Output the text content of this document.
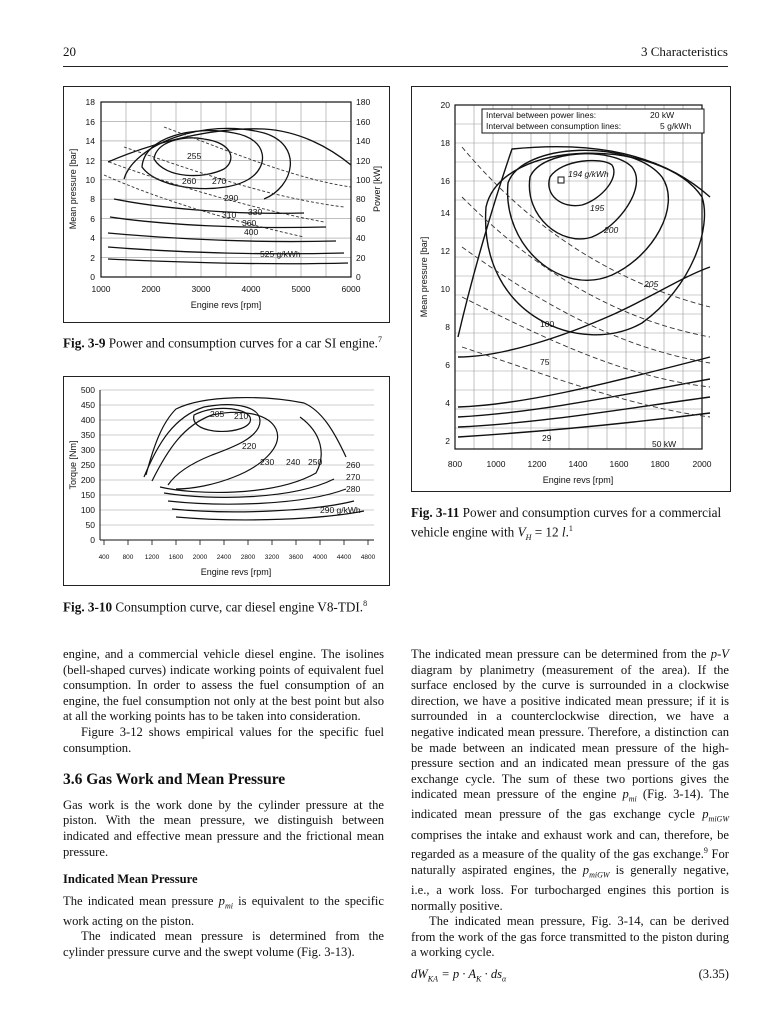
20	3 Characteristics
0
2
4
6
8
10
12
14
16
18
0
20
40
60
80
100
120
140
160
180
1000	2000	3000	4000	5000	6000
Engine revs [rpm]
Mean pressure [bar]	Power [kW]
255
260 270
290
310 330
360
400
525 g/kWh
Fig. 3-9 Power and consumption curves for a car SI engine.$^7$
0
50
100
150
200
250
300
350
400
450
500
400 800 1200 1600 2000 2400 2800 3200 3600 4000 4400 4800
Engine revs [rpm]
Torque [Nm]
205 210
220
230 240 250	260
270
280
290 g/kWh
Fig. 3-10 Consumption curve, car diesel engine V8-TDI.$^8$
Interval between power lines:	20 kW
Interval between consumption lines:	5 g/kWh
2
4
6
8
10
12
14
16
18
20
800	1000	1200	1400	1600	1800	2000
Engine revs [rpm]
Mean pressure [bar]
194 g/kWh
195
200
205
100
75
29
50 kW
Fig. 3-11 Power and consumption curves for a commercial vehicle engine with $V_H = 12$ l.$^1$

engine, and a commercial vehicle diesel engine. The isolines (bell-shaped curves) indicate working points of equivalent fuel consumption. In order to assess the fuel consumption of an engine, the fuel consumption not only at the best point but also at all the working points has to be taken into consideration.

Figure 3-12 shows empirical values for the specific fuel consumption.

3.6 Gas Work and Mean Pressure

Gas work is the work done by the cylinder pressure at the piston. With the mean pressure, we distinguish between indicated and effective mean pressure and the frictional mean pressure.

Indicated Mean Pressure

The indicated mean pressure $p_{mi}$ is equivalent to the specific work acting on the piston.

The indicated mean pressure is determined from the cylinder pressure curve and the swept volume (Fig. 3-13).

The indicated mean pressure can be determined from the p-V diagram by planimetry (measurement of the area). If the surface enclosed by the curve is surrounded in a clockwise direction, we have a positive indicated mean pressure; if it is surrounded in a counterclockwise direction, we have a negative indicated mean pressure. Therefore, a distinction can be made between an indicated mean pressure of the high-pressure section and an indicated mean pressure of the gas exchange cycle. The sum of these two portions gives the indicated mean pressure of the engine $p_{mi}$ (Fig. 3-14). The indicated mean pressure of the gas exchange cycle $p_{miGW}$ comprises the intake and exhaust work and can, therefore, be regarded as a measure of the quality of the gas exchange.$^9$ For naturally aspirated engines, the $p_{miGW}$ is generally negative, i.e., a work loss. For turbocharged engines this portion is normally positive.

The indicated mean pressure, Fig. 3-14, can be derived from the work of the gas force transmitted to the piston during a working cycle.

$dW_{KA} = p \cdot A_K \cdot ds_\alpha$	(3.35)
